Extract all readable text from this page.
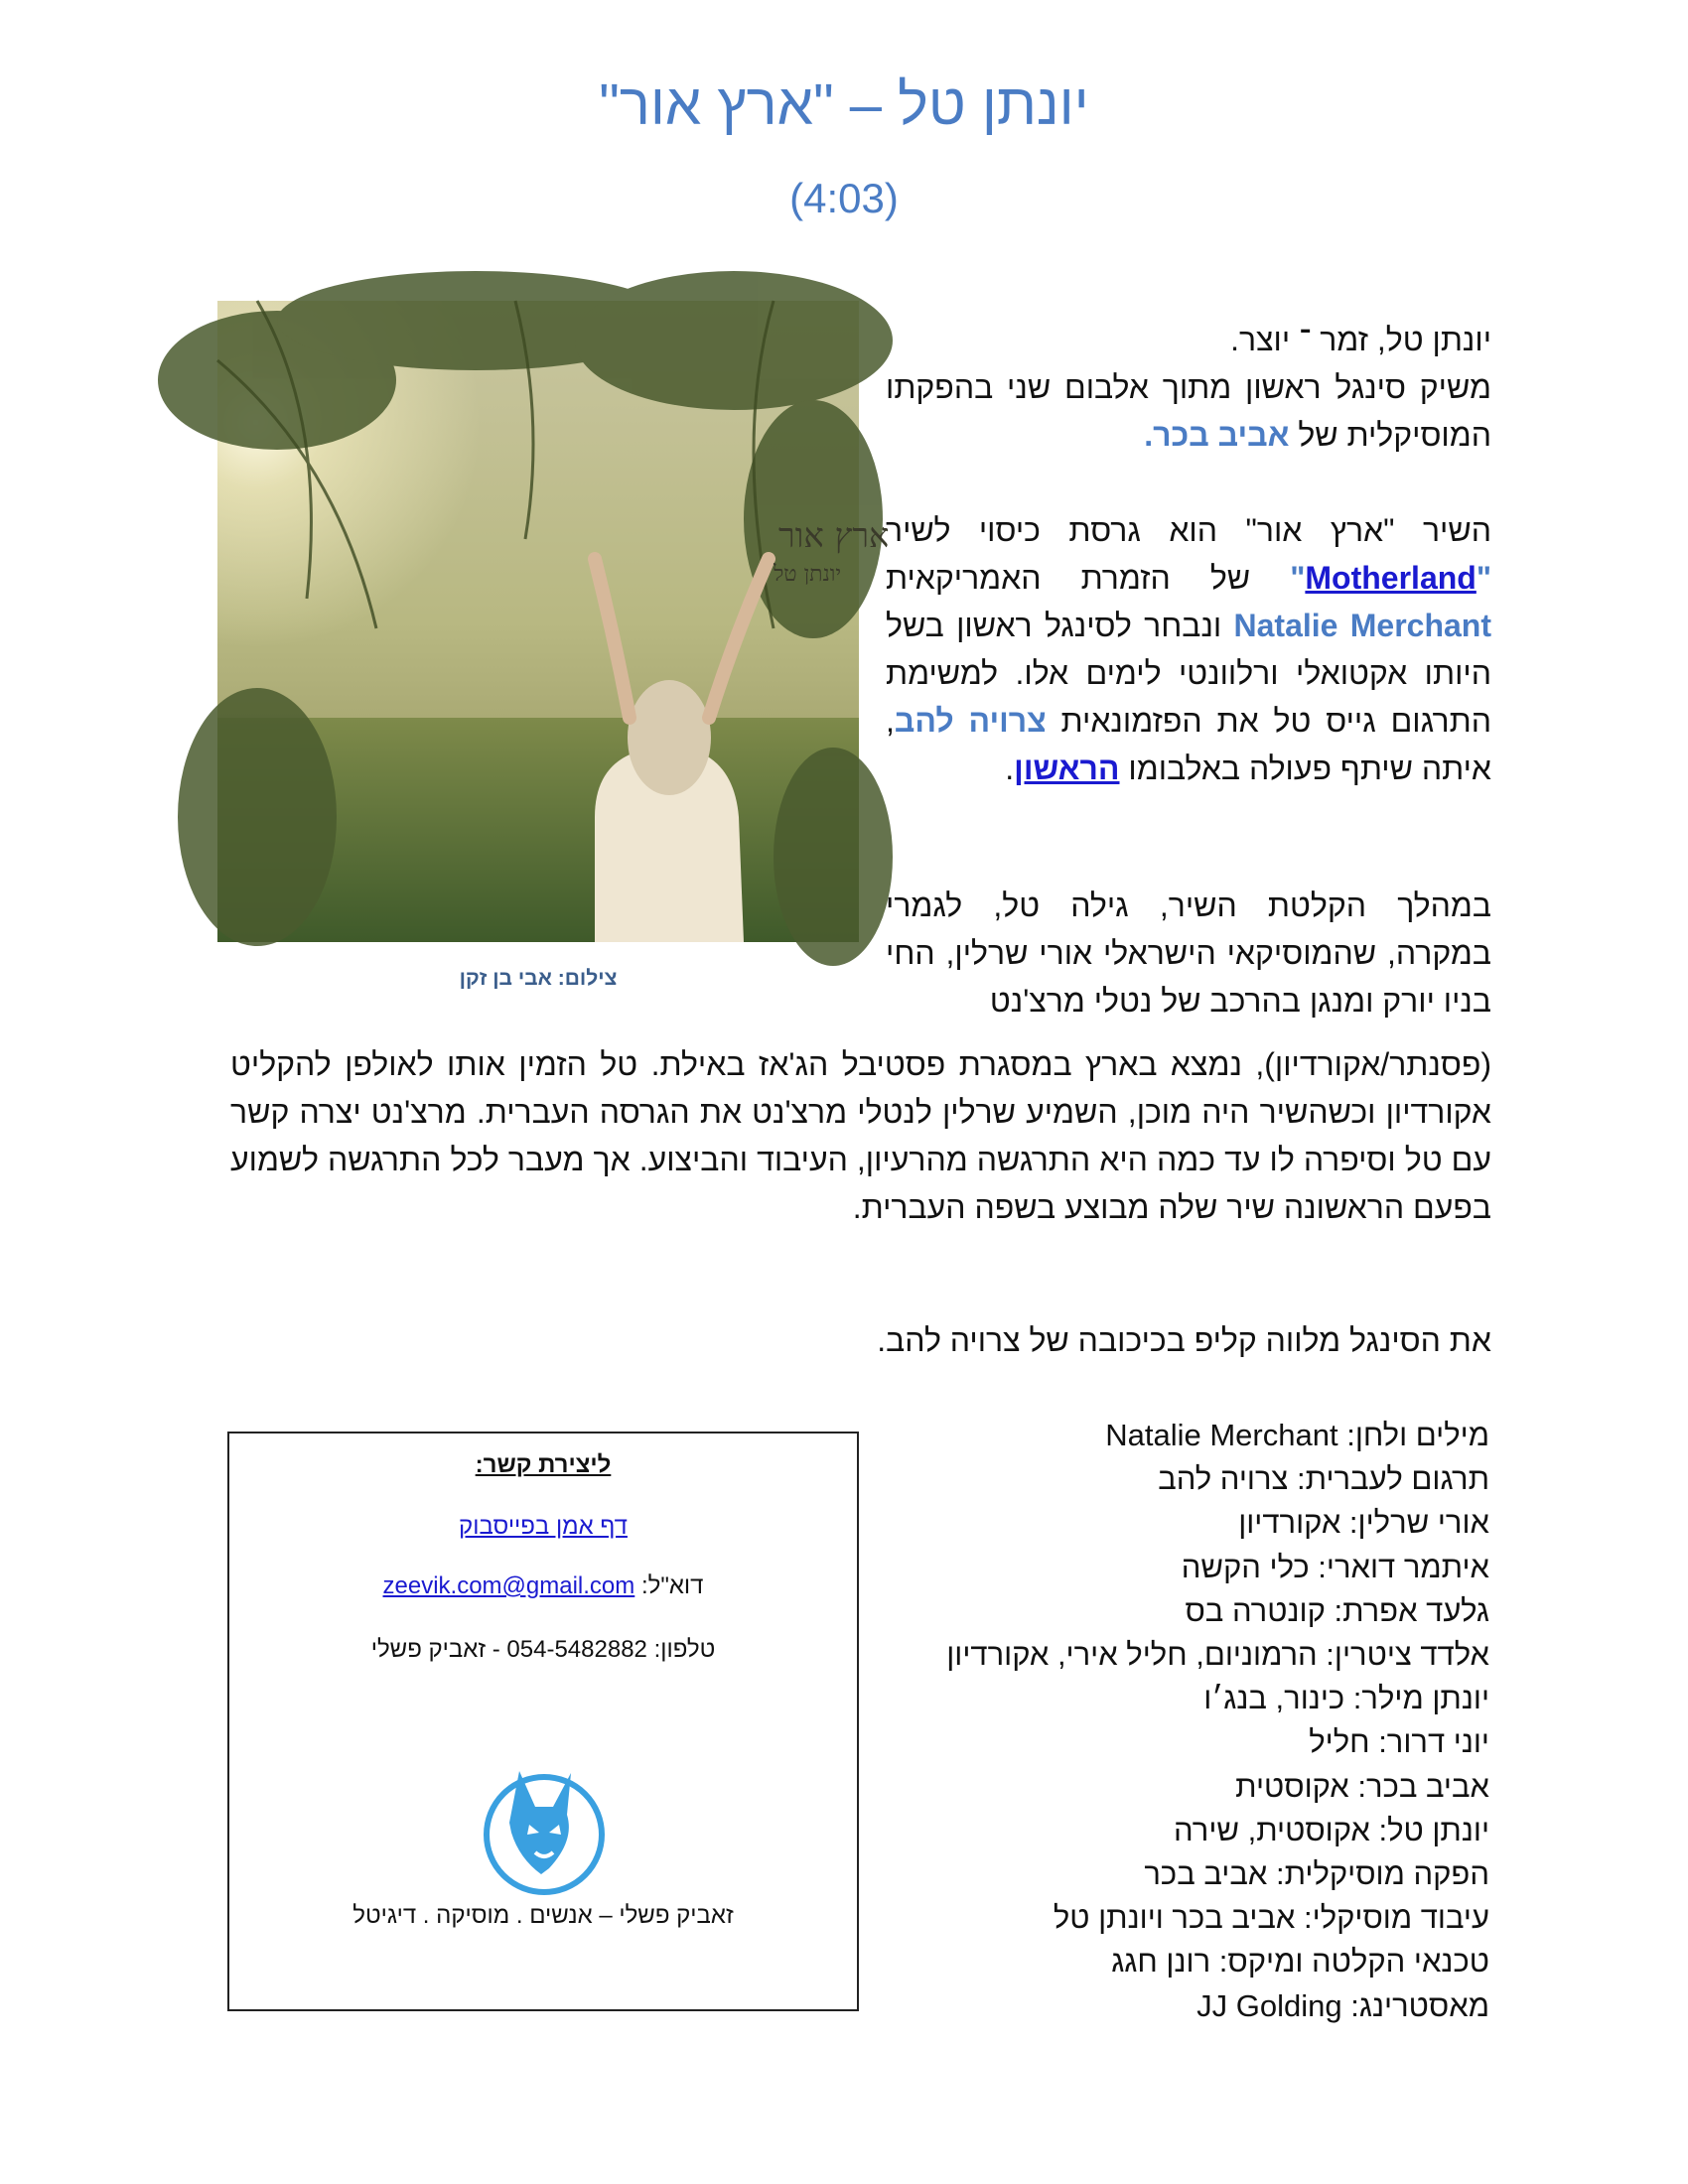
יונתן טל – "ארץ אור"
(4:03)
ארץ אור
יונתן טל
צילום: אבי בן זקן

יונתן טל, זמר ־ יוצר.
משיק סינגל ראשון מתוך אלבום שני בהפקתו המוסיקלית של אביב בכר.

השיר "ארץ אור" הוא גרסת כיסוי לשיר "Motherland" של הזמרת האמריקאית Natalie Merchant ונבחר לסינגל ראשון בשל היותו אקטואלי ורלוונטי לימים אלו. למשימת התרגום גייס טל את הפזמונאית צרויה להב, איתה שיתף פעולה באלבומו הראשון.

במהלך הקלטת השיר, גילה טל, לגמרי במקרה, שהמוסיקאי הישראלי אורי שרלין, החי בניו יורק ומנגן בהרכב של נטלי מרצ'נט

(פסנתר/אקורדיון), נמצא בארץ במסגרת פסטיבל הג'אז באילת. טל הזמין אותו לאולפן להקליט אקורדיון וכשהשיר היה מוכן, השמיע שרלין לנטלי מרצ'נט את הגרסה העברית. מרצ'נט יצרה קשר עם טל וסיפרה לו עד כמה היא התרגשה מהרעיון, העיבוד והביצוע. אך מעבר לכל התרגשה לשמוע בפעם הראשונה שיר שלה מבוצע בשפה העברית.

את הסינגל מלווה קליפ בכיכובה של צרויה להב.

מילים ולחן: Natalie Merchant
תרגום לעברית: צרויה להב
אורי שרלין: אקורדיון
איתמר דוארי: כלי הקשה
גלעד אפרת: קונטרה בס
אלדד ציטרין: הרמוניום, חליל אירי, אקורדיון
יונתן מילר: כינור, בנג׳ו
יוני דרור: חליל
אביב בכר: אקוסטית
יונתן טל: אקוסטית, שירה
הפקה מוסיקלית: אביב בכר
עיבוד מוסיקלי: אביב בכר ויונתן טל
טכנאי הקלטה ומיקס: רונן חגג
מאסטרינג: JJ Golding
ליצירת קשר:
דף אמן בפייסבוק
דוא"ל: zeevik.com@gmail.com
טלפון: 054-5482882 - זאביק פשלי
זאביק פשלי – אנשים . מוסיקה . דיגיטל
